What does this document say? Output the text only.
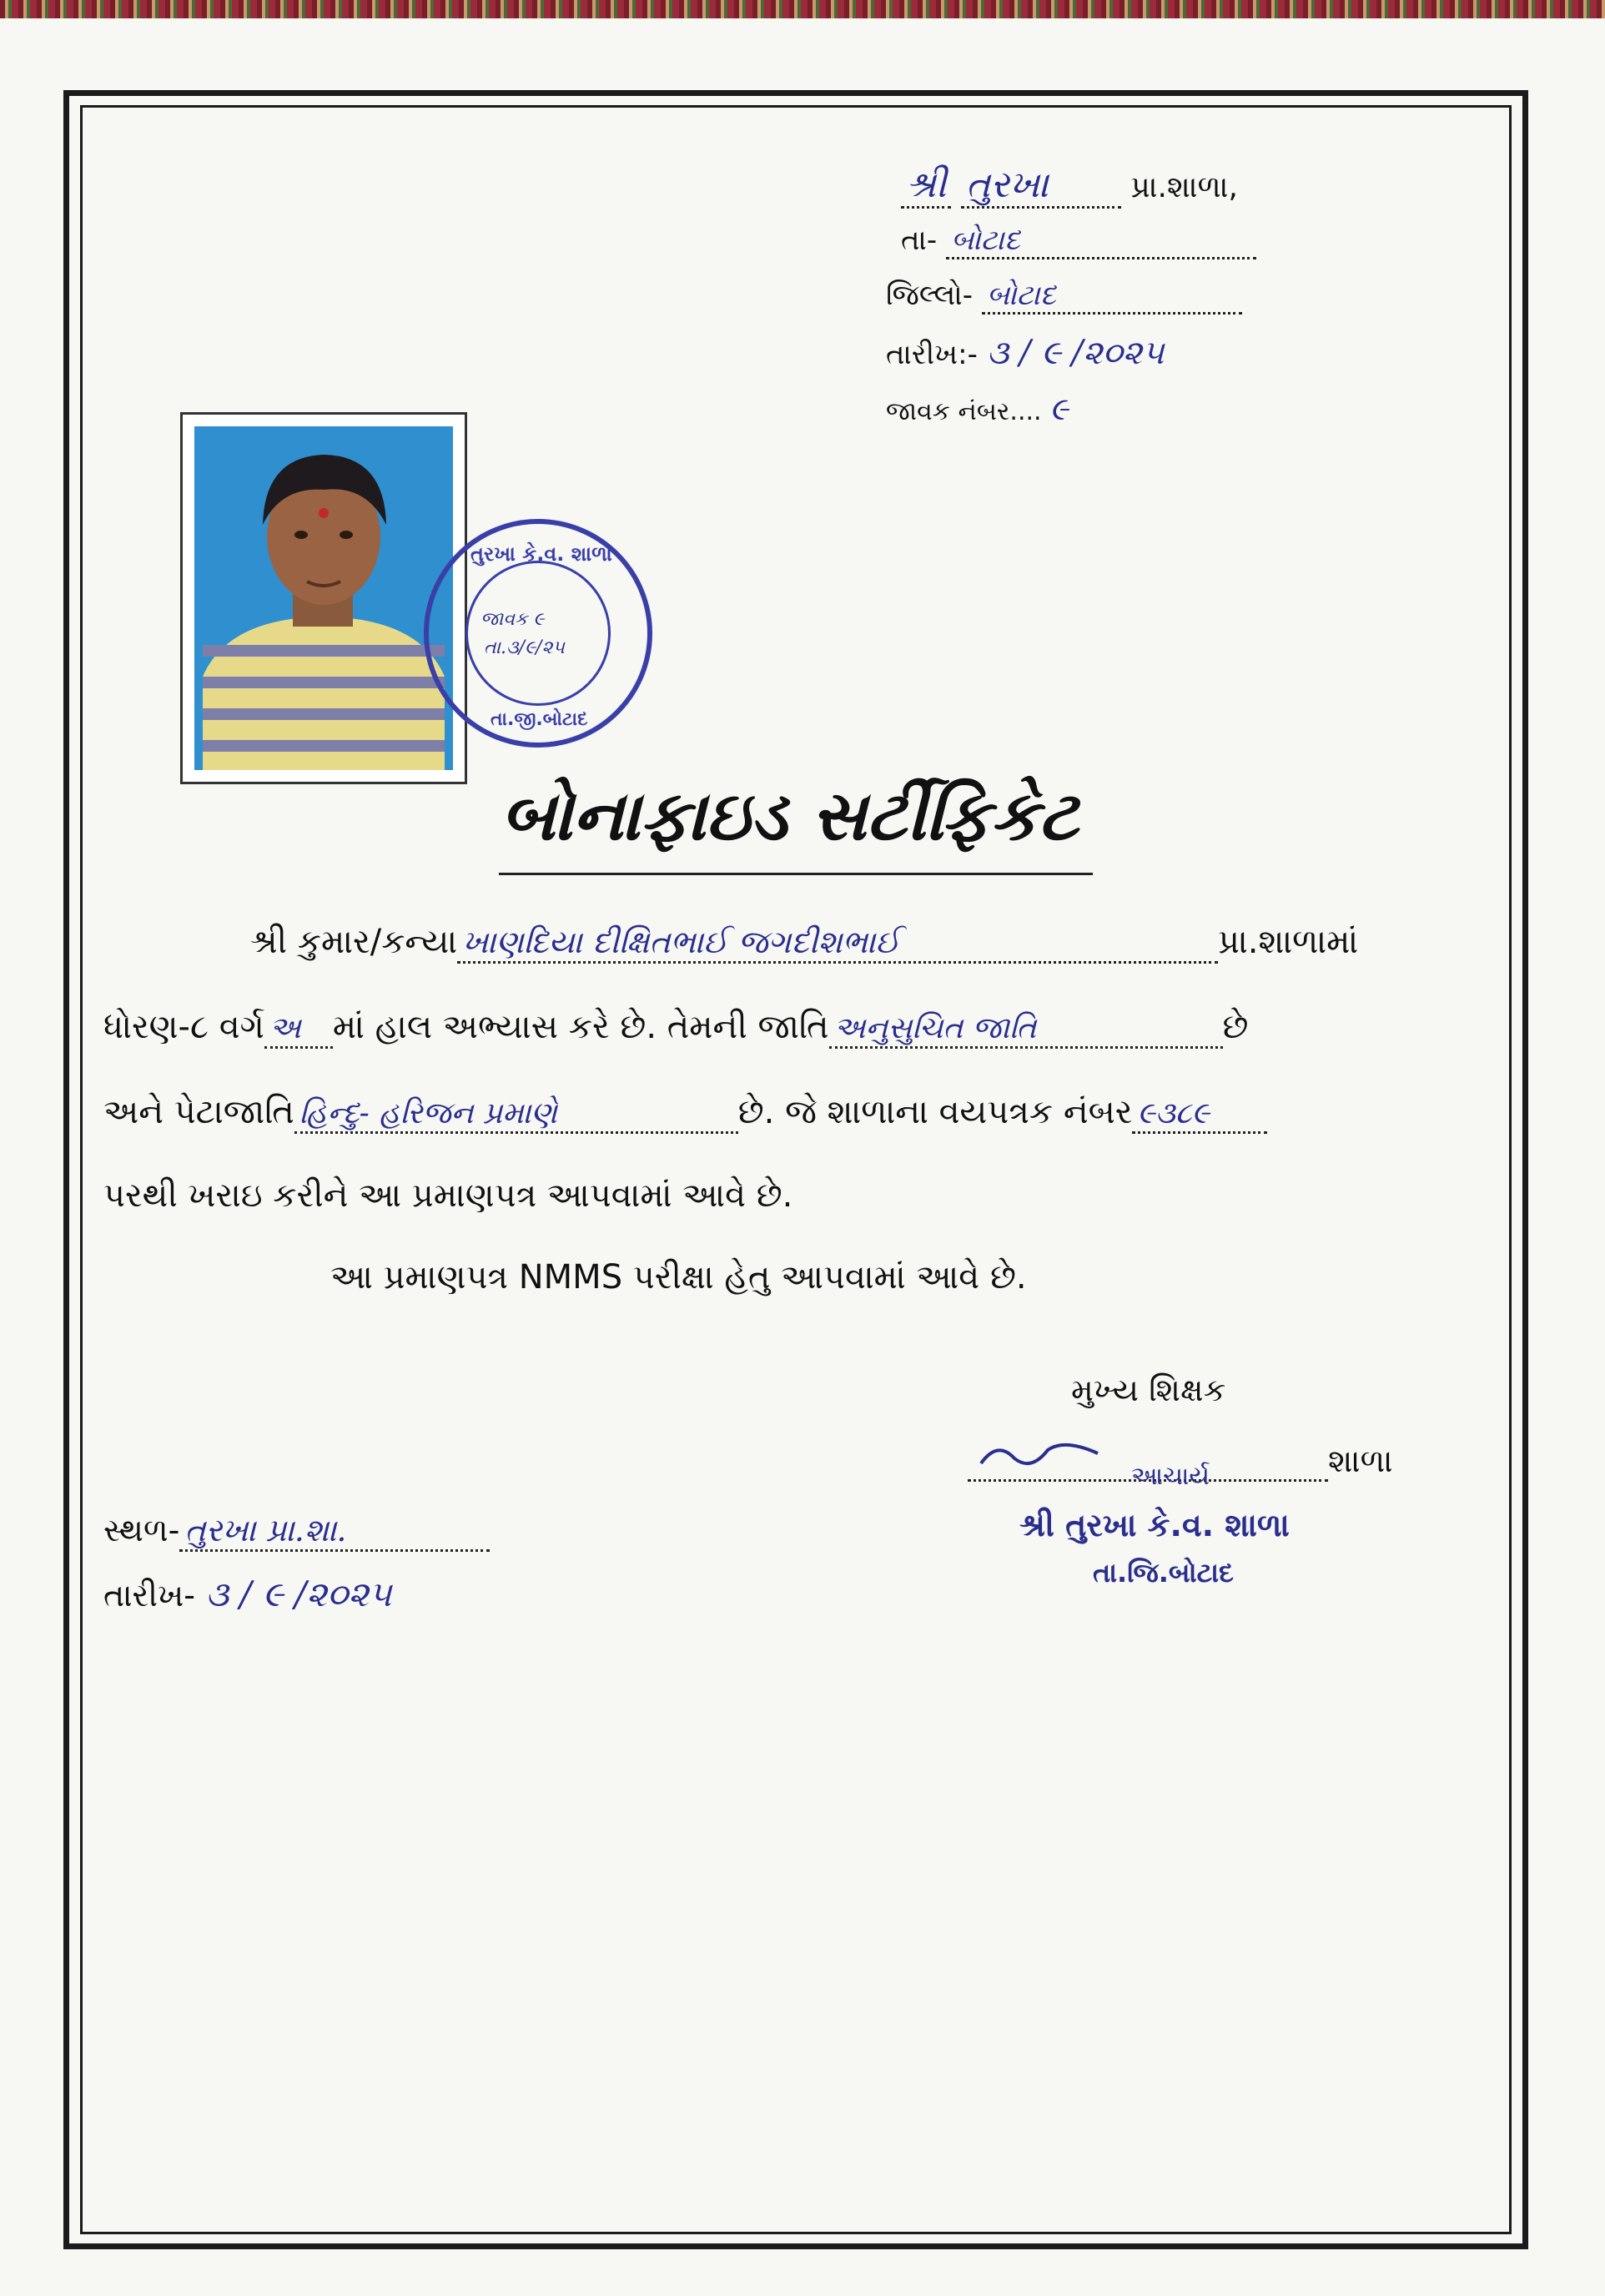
શ્રી તુરખા	પ્રા.શાળા,
તા- બોટાદ
જિલ્લો- બોટાદ
તારીખ:- ૩ / ૯ /૨૦૨૫
જાવક નંબર.... ૯
તુરખા કે.વ. શાળા
જાવક ૯
તા.૩/૯/૨૫
તા.જી.બોટાદ
બોનાફાઇડ સર્ટીફિકેટ
શ્રી કુમાર/કન્યા ખાણદિયા દીક્ષિતભાઈ જગદીશભાઈ	પ્રા.શાળામાં
ધોરણ-૮ વર્ગ અ માં હાલ અભ્યાસ કરે છે. તેમની જાતિ અનુસુચિત જાતિ	છે
અને પેટાજાતિ હિન્દુ- હરિજન પ્રમાણે	છે. જે શાળાના વયપત્રક નંબર ૯૩૮૯
પરથી ખરાઇ કરીને આ પ્રમાણપત્ર આપવામાં આવે છે.
આ પ્રમાણપત્ર NMMS પરીક્ષા હેતુ આપવામાં આવે છે.
મુખ્ય શિક્ષક
શાળા
આચાર્ય
શ્રી તુરખા કે.વ. શાળા
તા.જિ.બોટાદ
સ્થળ- તુરખા પ્રા.શા.
તારીખ- ૩ / ૯ /૨૦૨૫
